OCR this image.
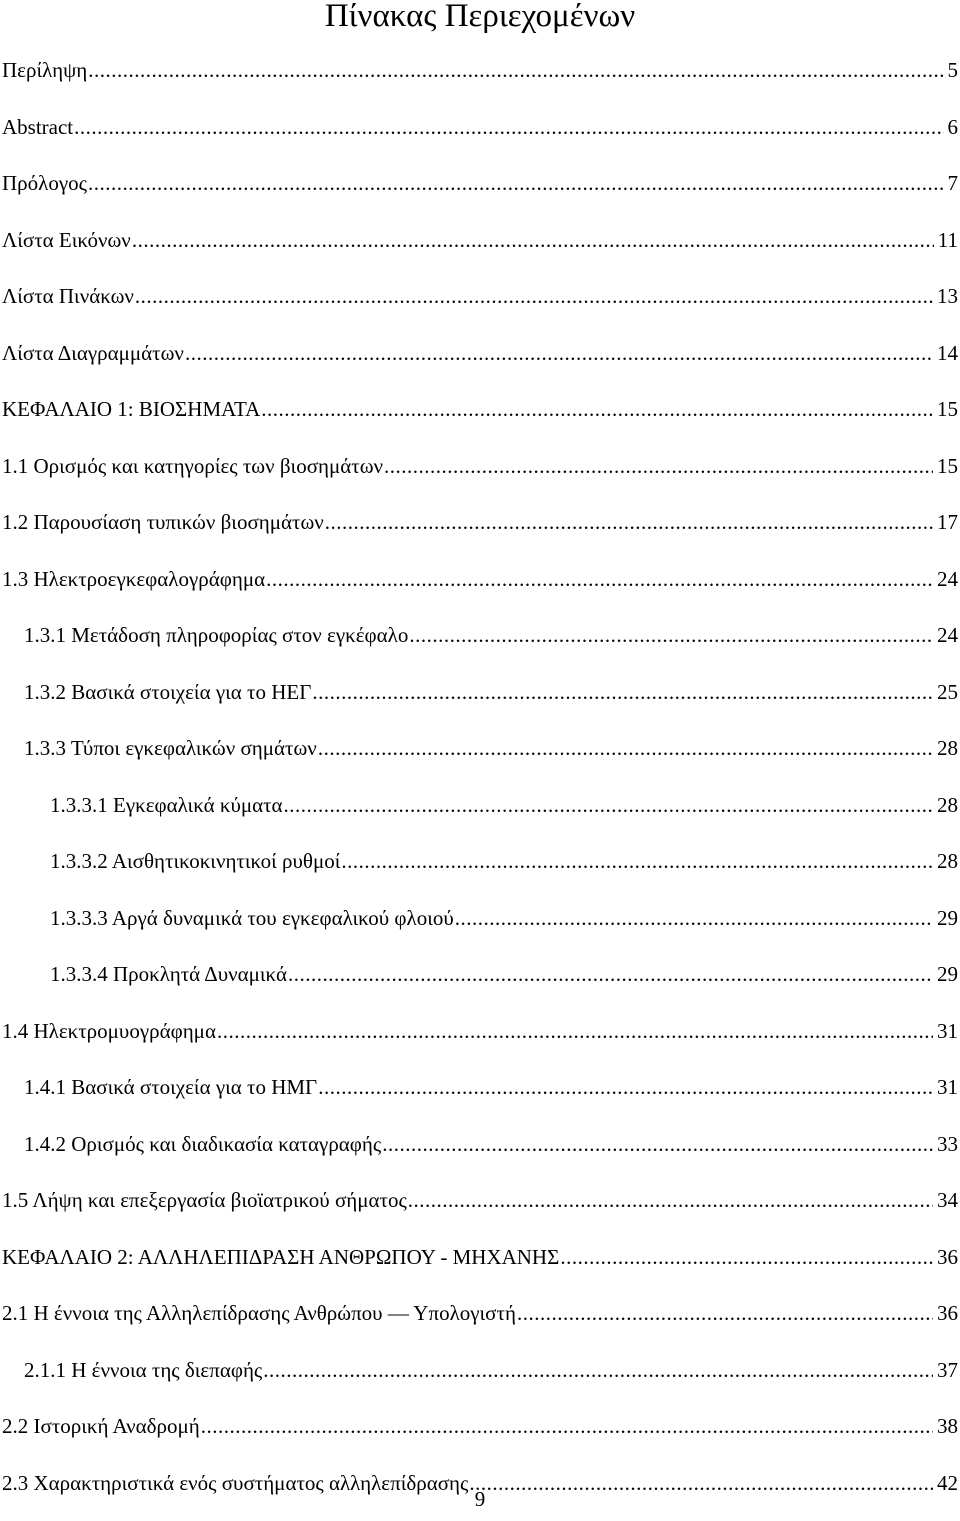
Πίνακας Περιεχομένων
Περίληψη .....	5
Abstract .....	6
Πρόλογος .....	7
Λίστα Εικόνων .....	11
Λίστα Πινάκων .....	13
Λίστα Διαγραμμάτων .....	14
ΚΕΦΑΛΑΙΟ 1: ΒΙΟΣΗΜΑΤΑ .....	15
1.1 Ορισμός και κατηγορίες των βιοσημάτων .....	15
1.2 Παρουσίαση τυπικών βιοσημάτων .....	17
1.3 Ηλεκτροεγκεφαλογράφημα .....	24
1.3.1 Μετάδοση πληροφορίας στον εγκέφαλο .....	24
1.3.2 Βασικά στοιχεία για το ΗΕΓ .....	25
1.3.3 Τύποι εγκεφαλικών σημάτων .....	28
1.3.3.1 Εγκεφαλικά κύματα .....	28
1.3.3.2 Αισθητικοκινητικοί ρυθμοί .....	28
1.3.3.3 Αργά δυναμικά του εγκεφαλικού φλοιού .....	29
1.3.3.4 Προκλητά Δυναμικά .....	29
1.4 Ηλεκτρομυογράφημα .....	31
1.4.1 Βασικά στοιχεία για το ΗΜΓ .....	31
1.4.2 Ορισμός και διαδικασία καταγραφής .....	33
1.5 Λήψη και επεξεργασία βιοϊατρικού σήματος .....	34
ΚΕΦΑΛΑΙΟ 2: ΑΛΛΗΛΕΠΙΔΡΑΣΗ ΑΝΘΡΩΠΟΥ - ΜΗΧΑΝΗΣ .....	36
2.1 Η έννοια της Αλληλεπίδρασης Ανθρώπου ― Υπολογιστή .....	36
2.1.1 Η έννοια της διεπαφής .....	37
2.2 Ιστορική Αναδρομή .....	38
2.3 Χαρακτηριστικά ενός συστήματος αλληλεπίδρασης .....	42
9
